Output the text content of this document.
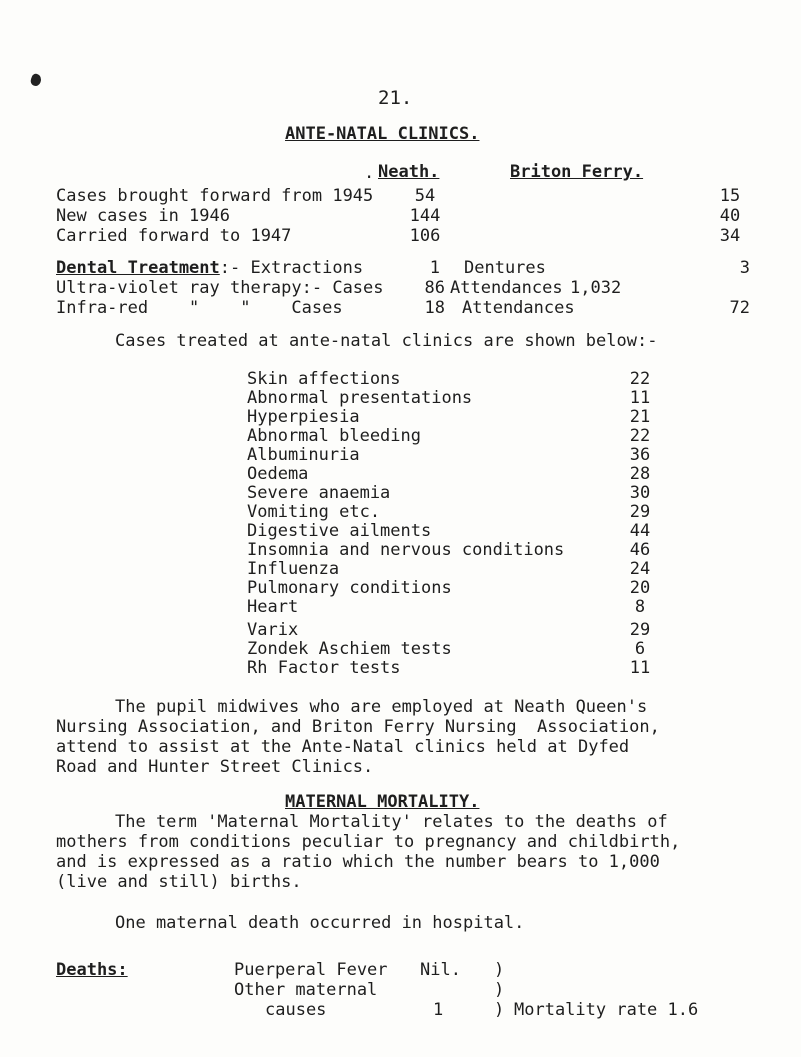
21.
ANTE-NATAL CLINICS.
. Neath.	Briton Ferry.
Cases brought forward from 1945	54	15
New cases in 1946	144	40
Carried forward to 1947	106	34
Dental Treatment:- Extractions	1 Dentures	3
Ultra-violet ray therapy:- Cases	86 Attendances 1,032
Infra-red    "    "    Cases	18 Attendances	72
Cases treated at ante-natal clinics are shown below:-
Skin affections	22
Abnormal presentations	11
Hyperpiesia	21
Abnormal bleeding	22
Albuminuria	36
Oedema	28
Severe anaemia	30
Vomiting etc.	29
Digestive ailments	44
Insomnia and nervous conditions	46
Influenza	24
Pulmonary conditions	20
Heart	8
Varix	29
Zondek Aschiem tests	6
Rh Factor tests	11
The pupil midwives who are employed at Neath Queen's
Nursing Association, and Briton Ferry Nursing  Association,
attend to assist at the Ante-Natal clinics held at Dyfed
Road and Hunter Street Clinics.
MATERNAL MORTALITY.
The term 'Maternal Mortality' relates to the deaths of
mothers from conditions peculiar to pregnancy and childbirth,
and is expressed as a ratio which the number bears to 1,000
(live and still) births.
One maternal death occurred in hospital.
Deaths:	Puerperal Fever Nil.
Other maternal
causes	1
)
)
) Mortality rate 1.6
